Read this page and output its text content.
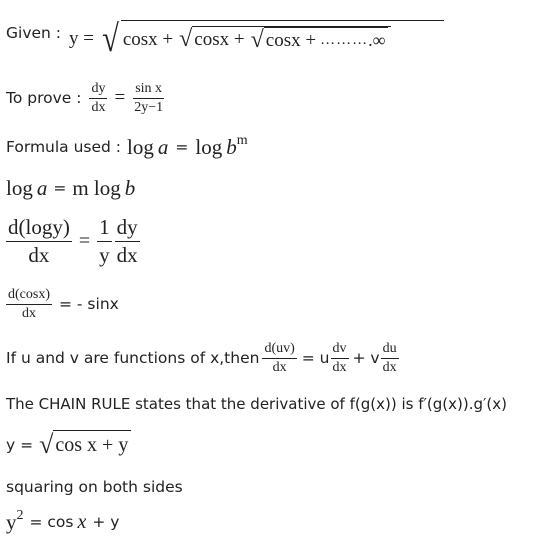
Given : y = √ cosx + √ cosx + √ cosx + ……… .∞
To prove : $\frac{dy}{dx} = \frac{\text{sin x}}{2y-1}$
Formula used : log a = log b m
log a = m log b
$\frac{d(\log y)}{dx} = \frac{1}{y} \frac{dy}{dx}$
$\frac{d(\cos x)}{dx}$ = - sinx
If u and v are functions of x,then $\frac{d(uv)}{dx} = u \frac{dv}{dx} + v \frac{du}{dx}$
The CHAIN RULE states that the derivative of f(g(x)) is f′(g(x)).g′(x)
y = √ cos x + y
squaring on both sides
y 2 = cos x + y
